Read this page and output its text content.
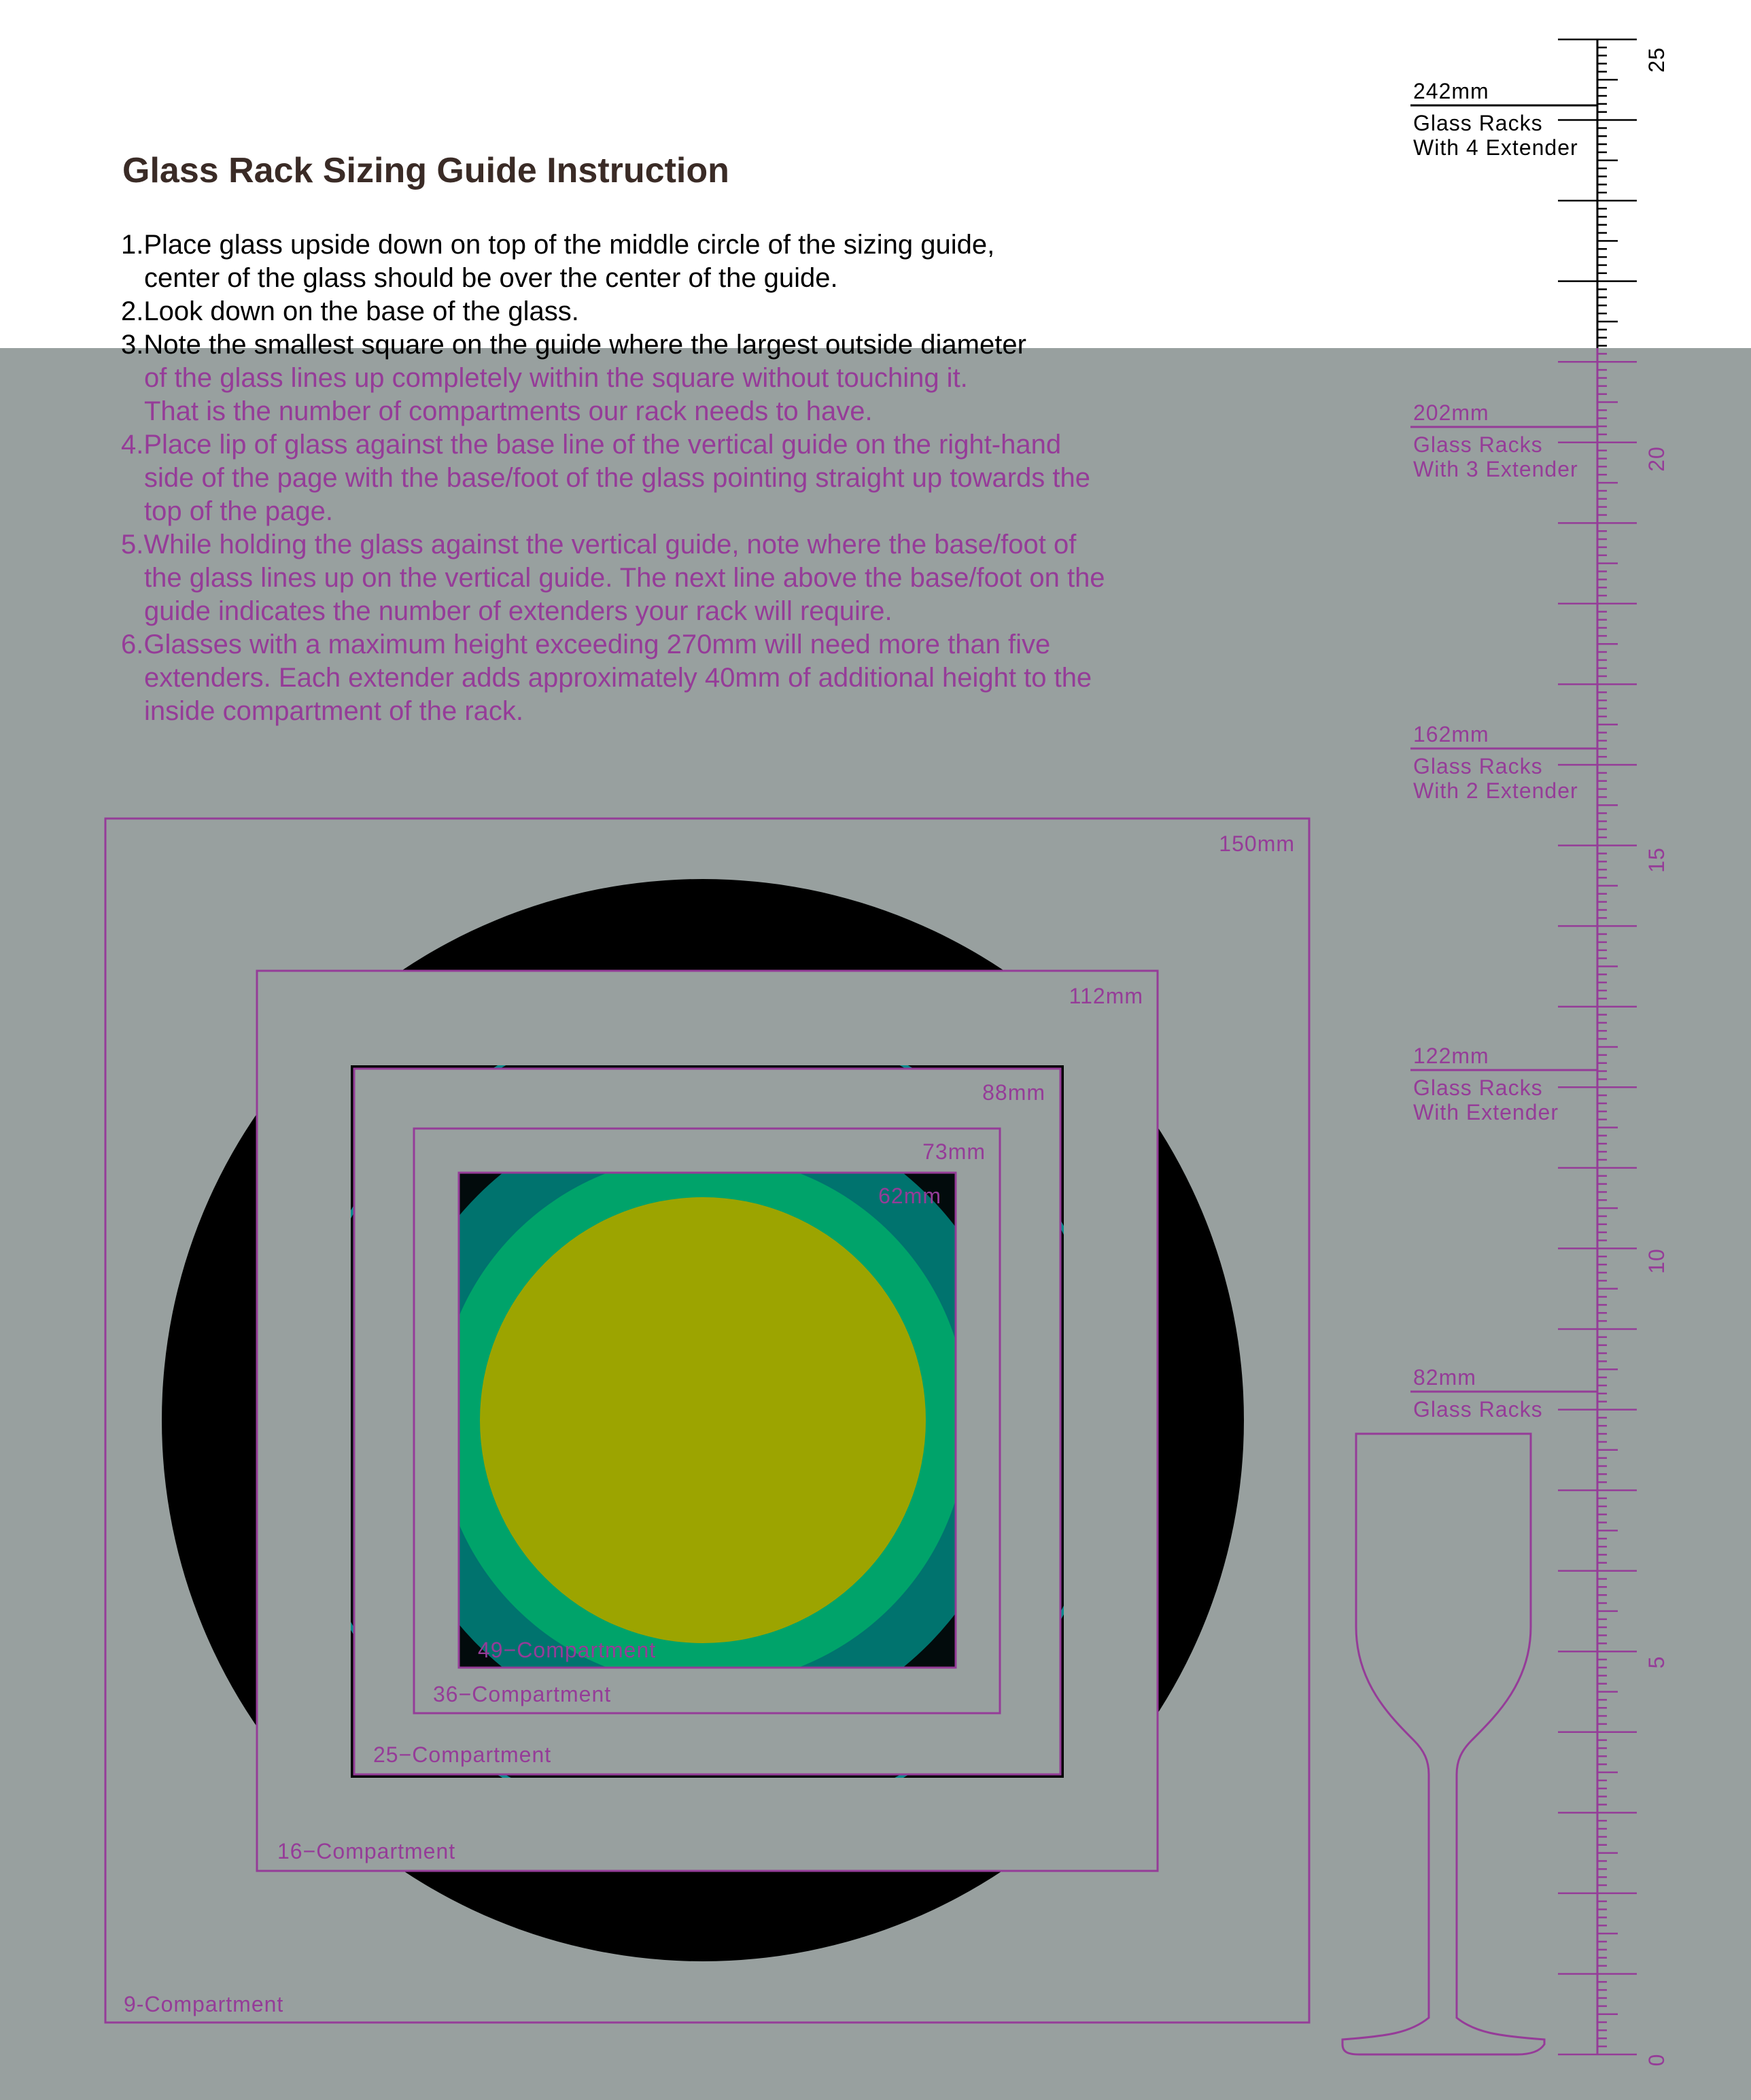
Glass Rack Sizing Guide Instruction
1.Place glass upside down on top of the middle circle of the sizing guide,
center of the glass should be over the center of the guide.
2.Look down on the base of the glass.
3.Note the smallest square on the guide where the largest outside diameter
of the glass lines up completely within the square without touching it.
That is the number of compartments our rack needs to have.
4.Place lip of glass against the base line of the vertical guide on the right-hand
side of the page with the base/foot of the glass pointing straight up towards the
top of the page.
5.While holding the glass against the vertical guide, note where the base/foot of
the glass lines up on the vertical guide. The next line above the base/foot on the
guide indicates the number of extenders your rack will require.
6.Glasses with a maximum height exceeding 270mm will need more than five
extenders. Each extender adds approximately 40mm of additional height to the
inside compartment of the rack.
150mm
9-Compartment
112mm
16−Compartment
88mm
25−Compartment
73mm
36−Compartment
62mm
49−Compartment
242mm
Glass Racks
With 4 Extender
202mm
Glass Racks
With 3 Extender
162mm
Glass Racks
With 2 Extender
122mm
Glass Racks
With Extender
82mm
Glass Racks
25
20
15
10
5
0
